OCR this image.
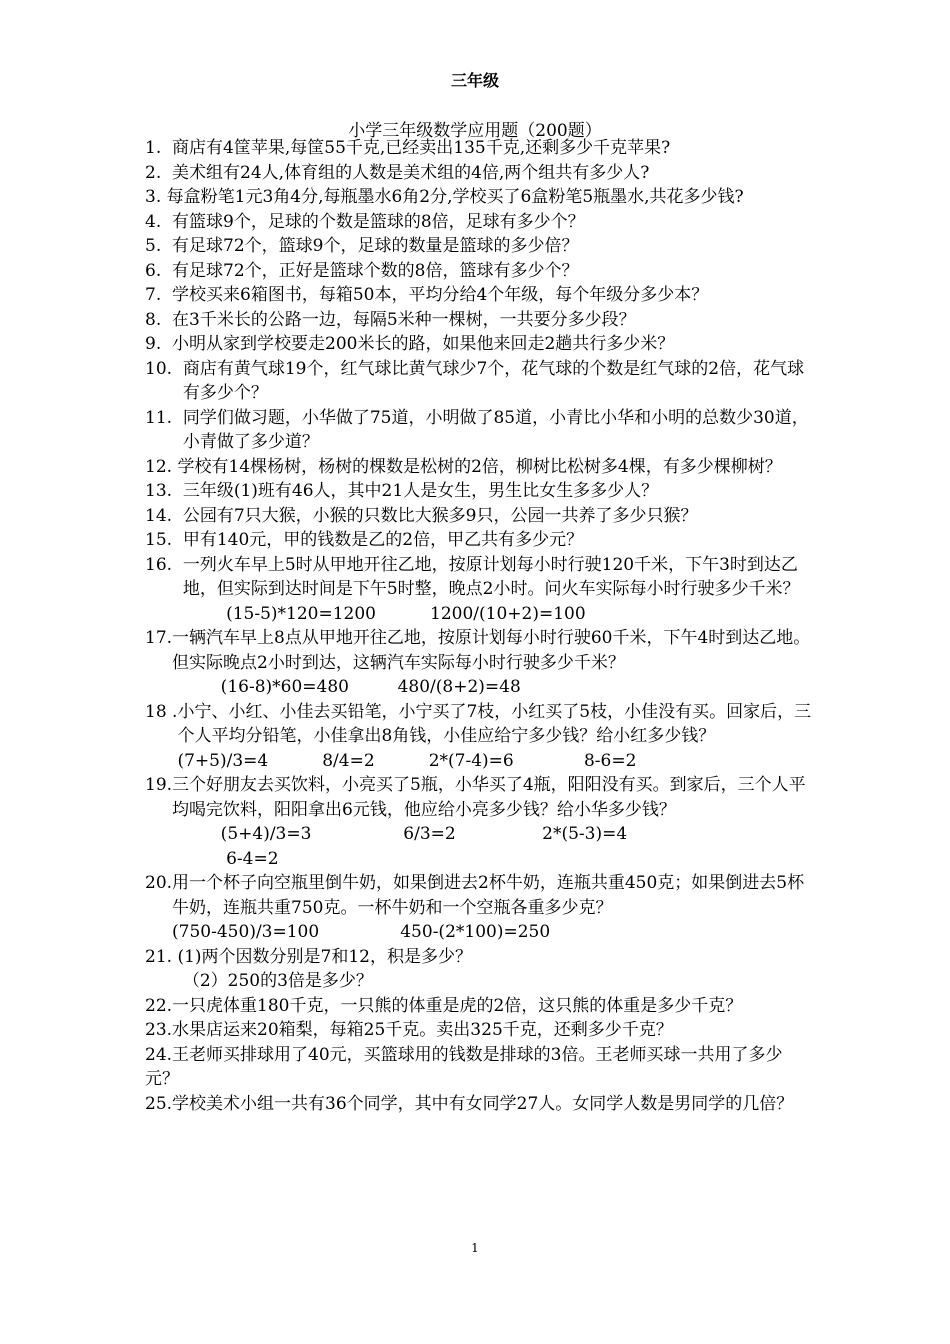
三年级
小学三年级数学应用题（200题）
1. 商店有4筐苹果,每筐55千克,已经卖出135千克,还剩多少千克苹果?
2. 美术组有24人,体育组的人数是美术组的4倍,两个组共有多少人?
3. 每盒粉笔1元3角4分,每瓶墨水6角2分,学校买了6盒粉笔5瓶墨水,共花多少钱?
4. 有篮球9个，足球的个数是篮球的8倍，足球有多少个？
5. 有足球72个，篮球9个，足球的数量是篮球的多少倍？
6. 有足球72个，正好是篮球个数的8倍，篮球有多少个？
7. 学校买来6箱图书，每箱50本，平均分给4个年级，每个年级分多少本？
8. 在3千米长的公路一边，每隔5米种一棵树，一共要分多少段？
9. 小明从家到学校要走200米长的路，如果他来回走2趟共行多少米？
10. 商店有黄气球19个，红气球比黄气球少7个，花气球的个数是红气球的2倍，花气球有多少个？
11. 同学们做习题，小华做了75道，小明做了85道，小青比小华和小明的总数少30道，小青做了多少道？
12. 学校有14棵杨树，杨树的棵数是松树的2倍，柳树比松树多4棵，有多少棵柳树？
13. 三年级(1)班有46人，其中21人是女生，男生比女生多多少人？
14. 公园有7只大猴，小猴的只数比大猴多9只，公园一共养了多少只猴？
15. 甲有140元，甲的钱数是乙的2倍，甲乙共有多少元？
16. 一列火车早上5时从甲地开往乙地，按原计划每小时行驶120千米，下午3时到达乙地，但实际到达时间是下午5时整，晚点2小时。问火车实际每小时行驶多少千米？        (15-5)*120=1200          1200/(10+2)=100
17. 一辆汽车早上8点从甲地开往乙地，按原计划每小时行驶60千米，下午4时到达乙地。但实际晚点2小时到达，这辆汽车实际每小时行驶多少千米？         (16-8)*60=480         480/(8+2)=48
18 . 小宁、小红、小佳去买铅笔，小宁买了7枝，小红买了5枝，小佳没有买。回家后，三个人平均分铅笔，小佳拿出8角钱，小佳应给宁多少钱？给小红多少钱？(7+5)/3=4          8/4=2          2*(7-4)=6             8-6=2
19. 三个好朋友去买饮料，小亮买了5瓶，小华买了4瓶，阳阳没有买。到家后，三个人平均喝完饮料，阳阳拿出6元钱，他应给小亮多少钱？给小华多少钱？         (5+4)/3=3                 6/3=2                2*(5-3)=4
6-4=2
20. 用一个杯子向空瓶里倒牛奶，如果倒进去2杯牛奶，连瓶共重450克；如果倒进去5杯牛奶，连瓶共重750克。一杯牛奶和一个空瓶各重多少克？
(750-450)/3=100               450-(2*100)=250
21. (1)两个因数分别是7和12，积是多少？
（2）250的3倍是多少？
22. 一只虎体重180千克，一只熊的体重是虎的2倍，这只熊的体重是多少千克？
23. 水果店运来20箱梨，每箱25千克。卖出325千克，还剩多少千克？
24.王老师买排球用了40元，买篮球用的钱数是排球的3倍。王老师买球一共用了多少元？
25.学校美术小组一共有36个同学，其中有女同学27人。女同学人数是男同学的几倍？
1
